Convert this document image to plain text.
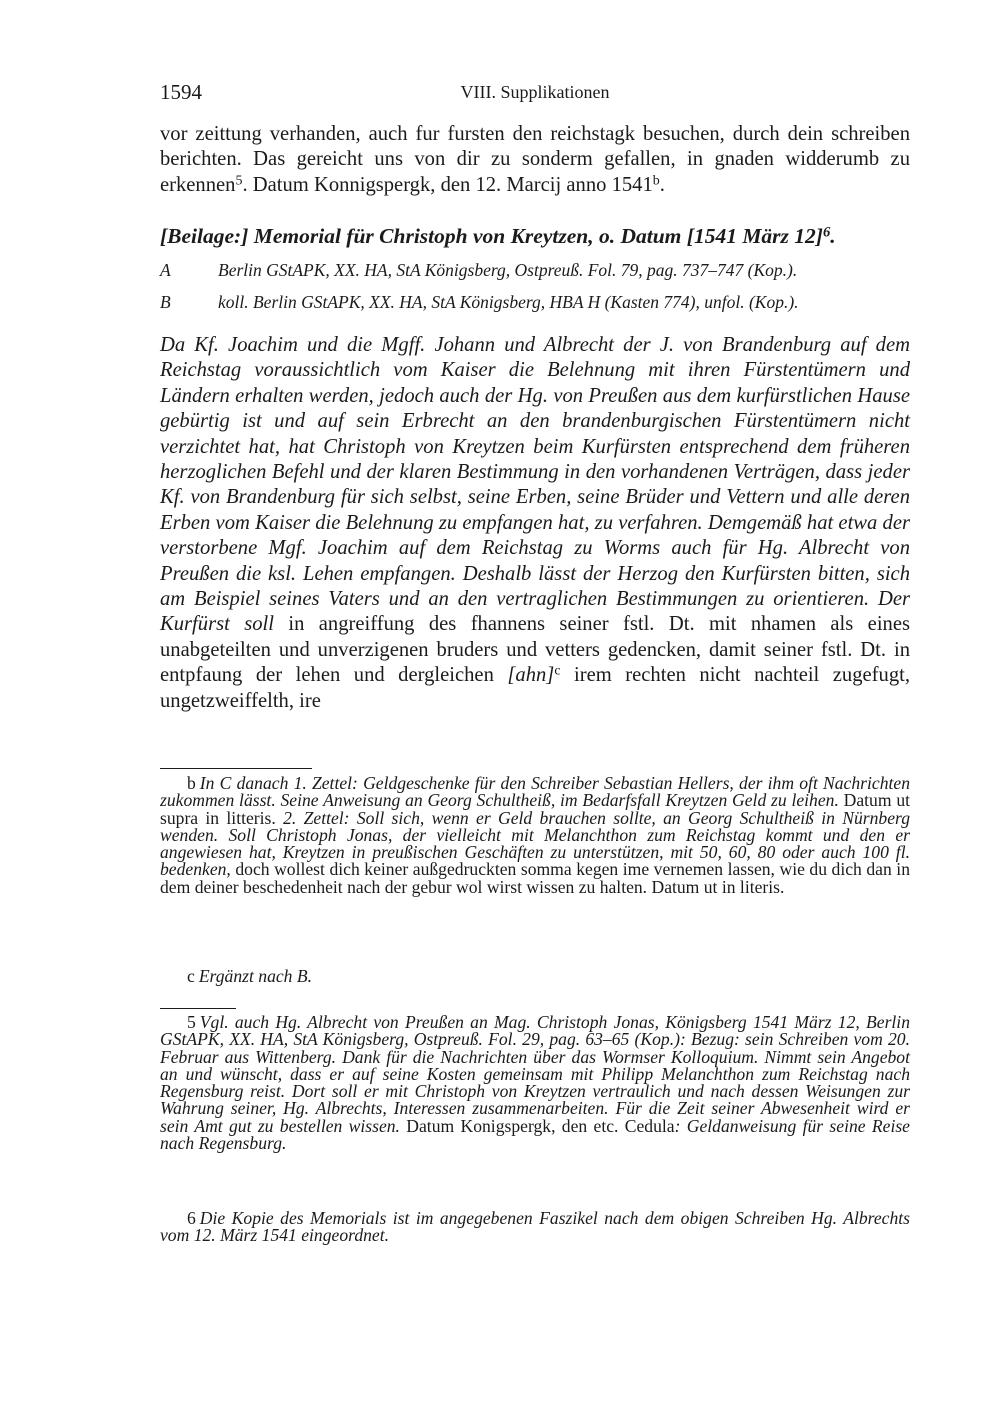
1594	VIII. Supplikationen

vor zeittung verhanden, auch fur fursten den reichstagk besuchen, durch dein schreiben berichten. Das gereicht uns von dir zu sonderm gefallen, in gnaden widderumb zu erkennen$^5$. Datum Konnigspergk, den 12. Marcij anno 1541$^b$.

[Beilage:] Memorial für Christoph von Kreytzen, o. Datum [1541 März 12]$^6$.
A	Berlin GStAPK, XX. HA, StA Königsberg, Ostpreuß. Fol. 79, pag. 737–747 (Kop.).
B	koll. Berlin GStAPK, XX. HA, StA Königsberg, HBA H (Kasten 774), unfol. (Kop.).

Da Kf. Joachim und die Mgff. Johann und Albrecht der J. von Brandenburg auf dem Reichstag voraussichtlich vom Kaiser die Belehnung mit ihren Fürstentümern und Ländern erhalten werden, jedoch auch der Hg. von Preußen aus dem kurfürstlichen Hause gebürtig ist und auf sein Erbrecht an den brandenburgischen Fürstentümern nicht verzichtet hat, hat Christoph von Kreytzen beim Kurfürsten entsprechend dem früheren herzoglichen Befehl und der klaren Bestimmung in den vorhandenen Verträgen, dass jeder Kf. von Brandenburg für sich selbst, seine Erben, seine Brüder und Vettern und alle deren Erben vom Kaiser die Belehnung zu empfangen hat, zu verfahren. Demgemäß hat etwa der verstorbene Mgf. Joachim auf dem Reichstag zu Worms auch für Hg. Albrecht von Preußen die ksl. Lehen empfangen. Deshalb lässt der Herzog den Kurfürsten bitten, sich am Beispiel seines Vaters und an den vertraglichen Bestimmungen zu orientieren. Der Kurfürst soll in angreiffung des fhannens seiner fstl. Dt. mit nhamen als eines unabgeteilten und unverzigenen bruders und vetters gedencken, damit seiner fstl. Dt. in entpfaung der lehen und dergleichen [ahn]$^c$ irem rechten nicht nachteil zugefugt, ungetzweiffelth, ire

b In C danach 1. Zettel: Geldgeschenke für den Schreiber Sebastian Hellers, der ihm oft Nachrichten zukommen lässt. Seine Anweisung an Georg Schultheiß, im Bedarfsfall Kreytzen Geld zu leihen. Datum ut supra in litteris. 2. Zettel: Soll sich, wenn er Geld brauchen sollte, an Georg Schultheiß in Nürnberg wenden. Soll Christoph Jonas, der vielleicht mit Melanchthon zum Reichstag kommt und den er angewiesen hat, Kreytzen in preußischen Geschäften zu unterstützen, mit 50, 60, 80 oder auch 100 fl. bedenken, doch wollest dich keiner außgedruckten somma kegen ime vernemen lassen, wie du dich dan in dem deiner beschedenheit nach der gebur wol wirst wissen zu halten. Datum ut in literis.

c Ergänzt nach B.

5 Vgl. auch Hg. Albrecht von Preußen an Mag. Christoph Jonas, Königsberg 1541 März 12, Berlin GStAPK, XX. HA, StA Königsberg, Ostpreuß. Fol. 29, pag. 63–65 (Kop.): Bezug: sein Schreiben vom 20. Februar aus Wittenberg. Dank für die Nachrichten über das Wormser Kolloquium. Nimmt sein Angebot an und wünscht, dass er auf seine Kosten gemeinsam mit Philipp Melanchthon zum Reichstag nach Regensburg reist. Dort soll er mit Christoph von Kreytzen vertraulich und nach dessen Weisungen zur Wahrung seiner, Hg. Albrechts, Interessen zusammenarbeiten. Für die Zeit seiner Abwesenheit wird er sein Amt gut zu bestellen wissen. Datum Konigspergk, den etc. Cedula: Geldanweisung für seine Reise nach Regensburg.

6 Die Kopie des Memorials ist im angegebenen Faszikel nach dem obigen Schreiben Hg. Albrechts vom 12. März 1541 eingeordnet.
